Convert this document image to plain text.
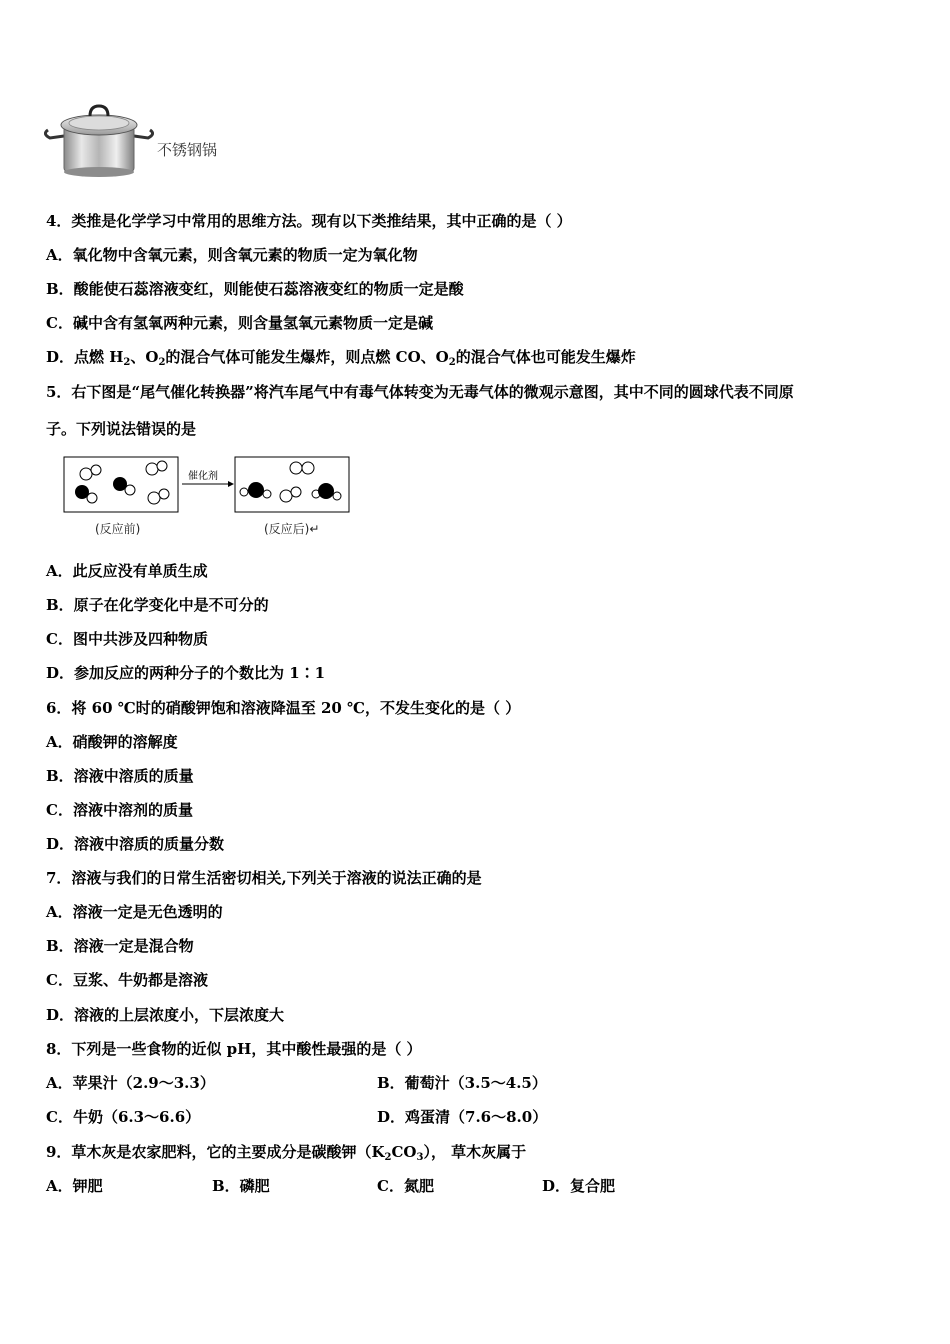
不锈钢锅
4．类推是化学学习中常用的思维方法。现有以下类推结果，其中正确的是（ ）
A．氧化物中含氧元素，则含氧元素的物质一定为氧化物
B．酸能使石蕊溶液变红，则能使石蕊溶液变红的物质一定是酸
C．碱中含有氢氧两种元素，则含量氢氧元素物质一定是碱
D．点燃 $H_2$、$O_2$的混合气体可能发生爆炸，则点燃 CO、$O_2$的混合气体也可能发生爆炸
5．右下图是“尾气催化转换器”将汽车尾气中有毒气体转变为无毒气体的微观示意图，其中不同的圆球代表不同原
子。下列说法错误的是
催化剂
(反应前)	(反应后)↵
A．此反应没有单质生成
B．原子在化学变化中是不可分的
C．图中共涉及四种物质
D．参加反应的两种分子的个数比为 1∶1
6．将 60 ℃时的硝酸钾饱和溶液降温至 20 ℃，不发生变化的是（ ）
A．硝酸钾的溶解度
B．溶液中溶质的质量
C．溶液中溶剂的质量
D．溶液中溶质的质量分数
7．溶液与我们的日常生活密切相关,下列关于溶液的说法正确的是
A．溶液一定是无色透明的
B．溶液一定是混合物
C．豆浆、牛奶都是溶液
D．溶液的上层浓度小，下层浓度大
8．下列是一些食物的近似 pH，其中酸性最强的是（ ）
A．苹果汁（2.9～3.3）	B．葡萄汁（3.5～4.5）
C．牛奶（6.3～6.6）	D．鸡蛋清（7.6～8.0）
9．草木灰是农家肥料，它的主要成分是碳酸钾$(K_2CO_3)$， 草木灰属于
A．钾肥	B．磷肥	C．氮肥	D．复合肥
